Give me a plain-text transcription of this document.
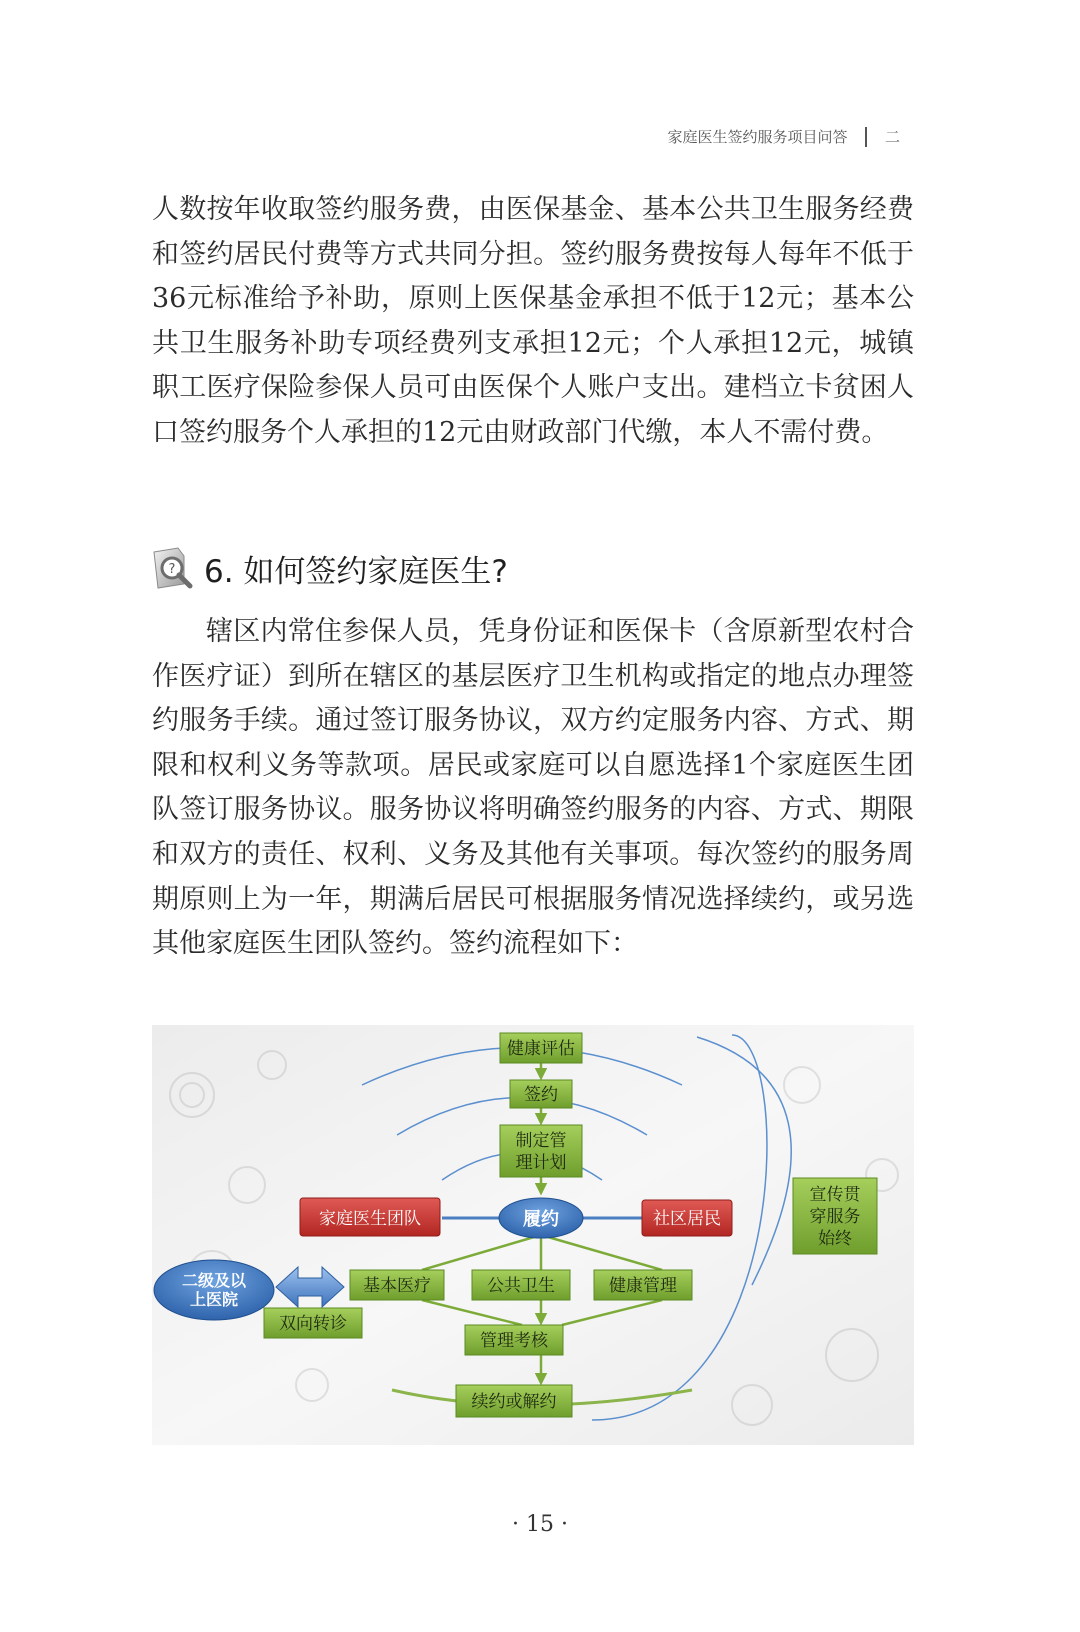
家庭医生签约服务项目问答	二

人数按年收取签约服务费，由医保基金、基本公共卫生服务经费和签约居民付费等方式共同分担。签约服务费按每人每年不低于36元标准给予补助，原则上医保基金承担不低于12元；基本公共卫生服务补助专项经费列支承担12元；个人承担12元，城镇职工医疗保险参保人员可由医保个人账户支出。建档立卡贫困人口签约服务个人承担的12元由财政部门代缴，本人不需付费。

? 6. 如何签约家庭医生?

辖区内常住参保人员，凭身份证和医保卡（含原新型农村合作医疗证）到所在辖区的基层医疗卫生机构或指定的地点办理签约服务手续。通过签订服务协议，双方约定服务内容、方式、期限和权利义务等款项。居民或家庭可以自愿选择1个家庭医生团队签订服务协议。服务协议将明确签约服务的内容、方式、期限和双方的责任、权利、义务及其他有关事项。每次签约的服务周期原则上为一年，期满后居民可根据服务情况选择续约，或另选其他家庭医生团队签约。签约流程如下：

健康评估
签约
制定管
理计划
家庭医生团队	履约	社区居民
宣传贯
穿服务
始终
二级及以
上医院
基本医疗	公共卫生	健康管理
双向转诊
管理考核
续约或解约
· 15 ·
